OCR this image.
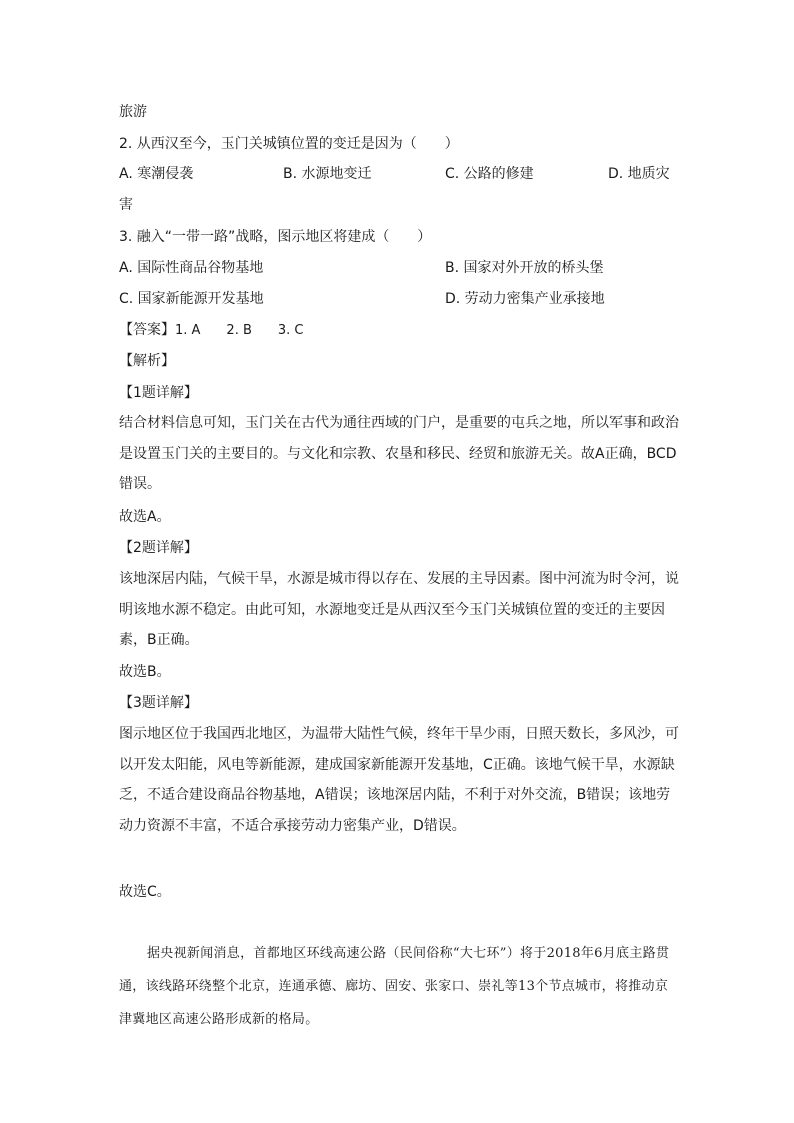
旅游
2. 从西汉至今，玉门关城镇位置的变迁是因为（　　）
A. 寒潮侵袭	B. 水源地变迁	C. 公路的修建	D. 地质灾
害
3. 融入“一带一路”战略，图示地区将建成（　　）
A. 国际性商品谷物基地	B. 国家对外开放的桥头堡
C. 国家新能源开发基地	D. 劳动力密集产业承接地
【答案】1. A　　2. B　　3. C
【解析】
【1题详解】
结合材料信息可知，玉门关在古代为通往西域的门户，是重要的屯兵之地，所以军事和政治是设置玉门关的主要目的。与文化和宗教、农垦和移民、经贸和旅游无关。故A正确，BCD错误。
故选A。
【2题详解】
该地深居内陆，气候干旱，水源是城市得以存在、发展的主导因素。图中河流为时令河，说明该地水源不稳定。由此可知，水源地变迁是从西汉至今玉门关城镇位置的变迁的主要因素，B正确。
故选B。
【3题详解】
图示地区位于我国西北地区，为温带大陆性气候，终年干旱少雨，日照天数长，多风沙，可以开发太阳能，风电等新能源，建成国家新能源开发基地，C正确。该地气候干旱，水源缺乏，不适合建设商品谷物基地，A错误；该地深居内陆，不利于对外交流，B错误；该地劳动力资源不丰富，不适合承接劳动力密集产业，D错误。
故选C。
据央视新闻消息，首都地区环线高速公路（民间俗称“大七环”）将于2018年6月底主路贯通，该线路环绕整个北京，连通承德、廊坊、固安、张家口、崇礼等13个节点城市，将推动京津冀地区高速公路形成新的格局。
